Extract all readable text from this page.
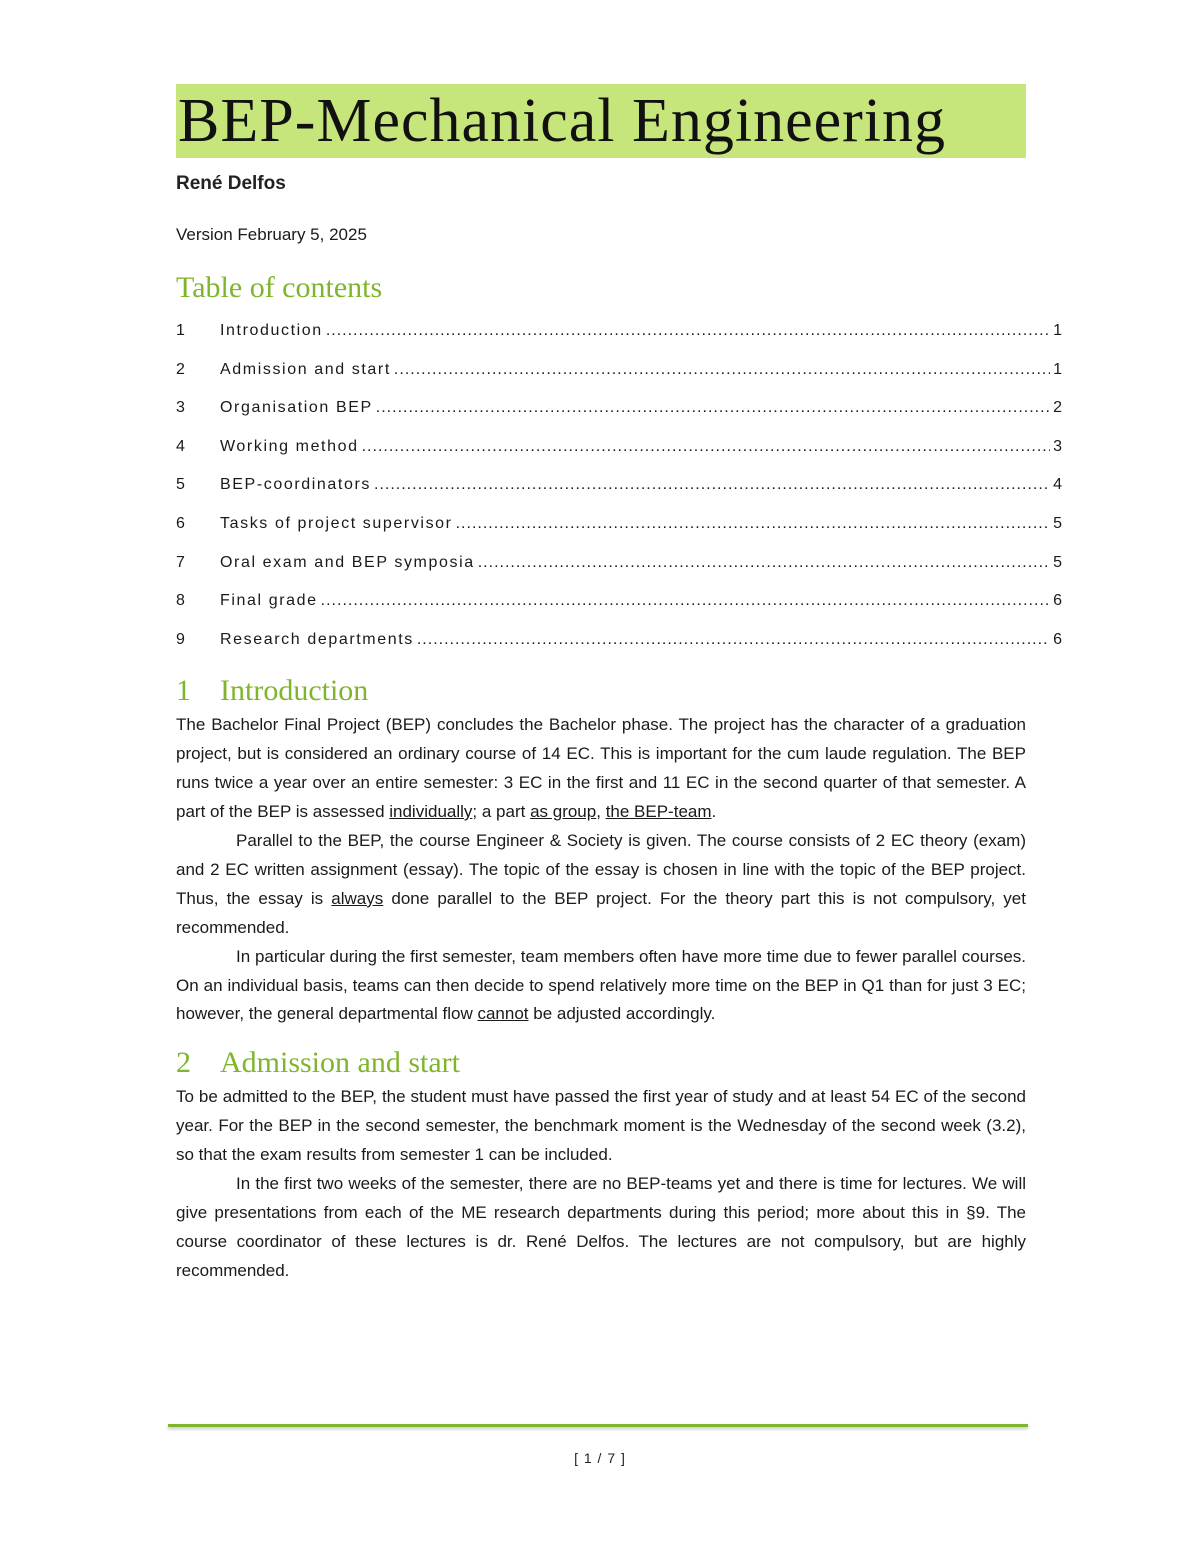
BEP-Mechanical Engineering
René Delfos
Version February 5, 2025
Table of contents
1	Introduction .....	1
2	Admission and start .....	1
3	Organisation BEP .....	2
4	Working method .....	3
5	BEP-coordinators .....	4
6	Tasks of project supervisor .....	5
7	Oral exam and BEP symposia .....	5
8	Final grade .....	6
9	Research departments .....	6
1 Introduction

The Bachelor Final Project (BEP) concludes the Bachelor phase. The project has the character of a graduation project, but is considered an ordinary course of 14 EC. This is important for the cum laude regulation. The BEP runs twice a year over an entire semester: 3 EC in the first and 11 EC in the second quarter of that semester. A part of the BEP is assessed individually; a part as group, the BEP-team.

Parallel to the BEP, the course Engineer & Society is given. The course consists of 2 EC theory (exam) and 2 EC written assignment (essay). The topic of the essay is chosen in line with the topic of the BEP project. Thus, the essay is always done parallel to the BEP project. For the theory part this is not compulsory, yet recommended.

In particular during the first semester, team members often have more time due to fewer parallel courses. On an individual basis, teams can then decide to spend relatively more time on the BEP in Q1 than for just 3 EC; however, the general departmental flow cannot be adjusted accordingly.

2 Admission and start

To be admitted to the BEP, the student must have passed the first year of study and at least 54 EC of the second year. For the BEP in the second semester, the benchmark moment is the Wednesday of the second week (3.2), so that the exam results from semester 1 can be included.

In the first two weeks of the semester, there are no BEP-teams yet and there is time for lectures. We will give presentations from each of the ME research departments during this period; more about this in §9. The course coordinator of these lectures is dr. René Delfos. The lectures are not compulsory, but are highly recommended.

[ 1 / 7 ]
